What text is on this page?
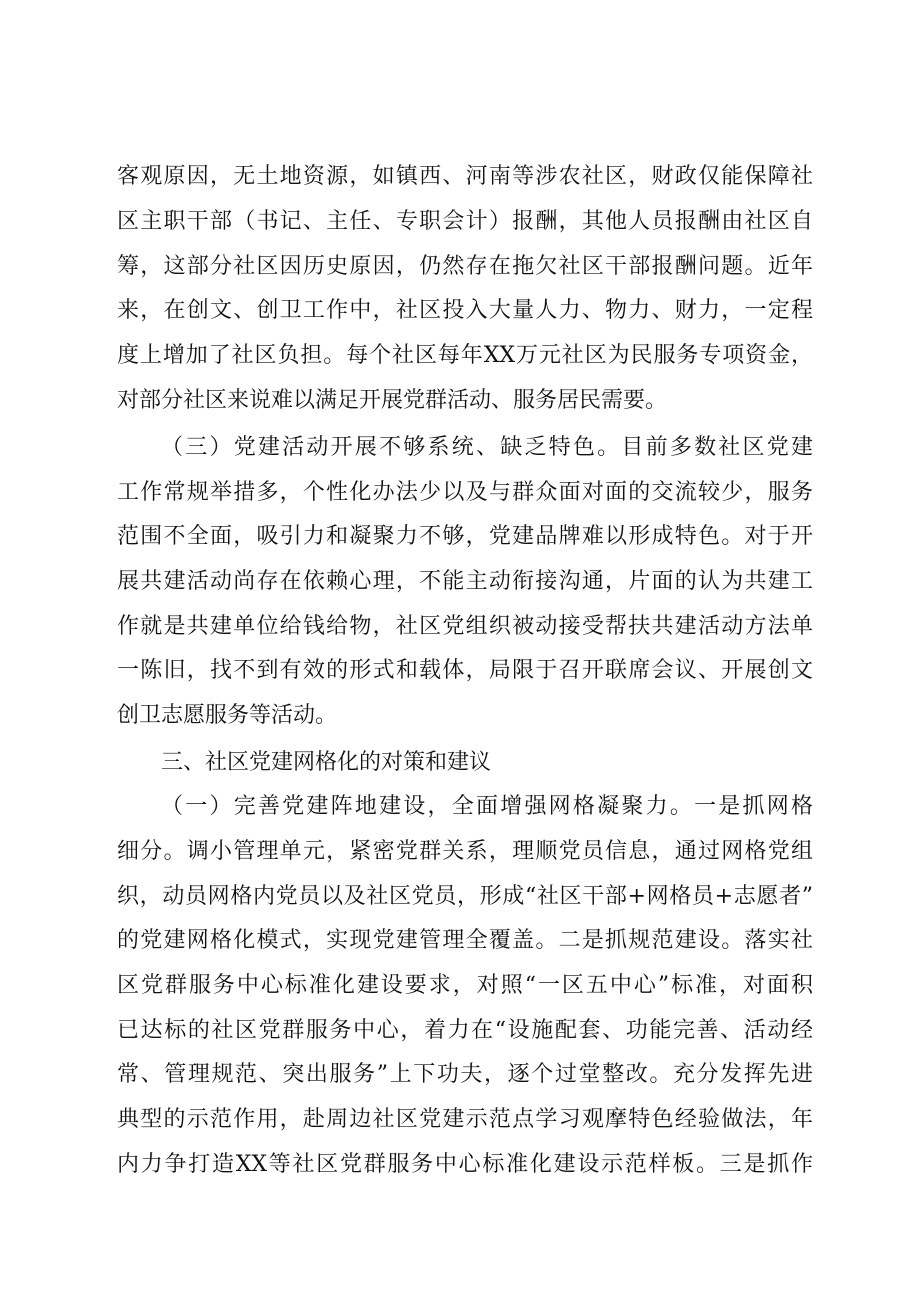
客观原因，无土地资源，如镇西、河南等涉农社区，财政仅能保障社
区主职干部（书记、主任、专职会计）报酬，其他人员报酬由社区自
筹，这部分社区因历史原因，仍然存在拖欠社区干部报酬问题。近年
来，在创文、创卫工作中，社区投入大量人力、物力、财力，一定程
度上增加了社区负担。每个社区每年XX万元社区为民服务专项资金，
对部分社区来说难以满足开展党群活动、服务居民需要。
（三）党建活动开展不够系统、缺乏特色。目前多数社区党建
工作常规举措多，个性化办法少以及与群众面对面的交流较少，服务
范围不全面，吸引力和凝聚力不够，党建品牌难以形成特色。对于开
展共建活动尚存在依赖心理，不能主动衔接沟通，片面的认为共建工
作就是共建单位给钱给物，社区党组织被动接受帮扶共建活动方法单
一陈旧，找不到有效的形式和载体，局限于召开联席会议、开展创文
创卫志愿服务等活动。
三、社区党建网格化的对策和建议
（一）完善党建阵地建设，全面增强网格凝聚力。一是抓网格
细分。调小管理单元，紧密党群关系，理顺党员信息，通过网格党组
织，动员网格内党员以及社区党员，形成“社区干部+网格员+志愿者”
的党建网格化模式，实现党建管理全覆盖。二是抓规范建设。落实社
区党群服务中心标准化建设要求，对照“一区五中心”标准，对面积
已达标的社区党群服务中心，着力在“设施配套、功能完善、活动经
常、管理规范、突出服务”上下功夫，逐个过堂整改。充分发挥先进
典型的示范作用，赴周边社区党建示范点学习观摩特色经验做法，年
内力争打造XX等社区党群服务中心标准化建设示范样板。三是抓作
